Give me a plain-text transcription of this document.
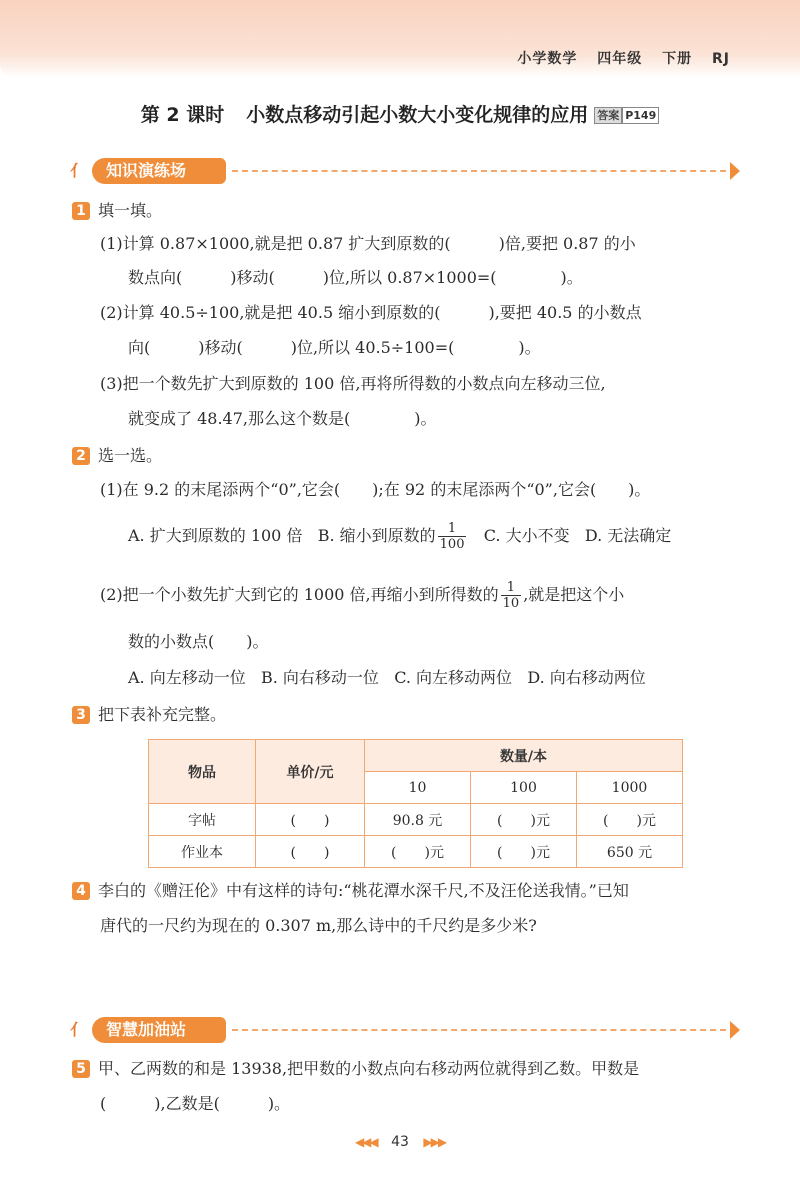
小学数学 四年级 下册 RJ
第 2 课时 小数点移动引起小数大小变化规律的应用 答案 P149
⺅	知识演练场
1 填一填。
(1)计算 0.87×1000,就是把 0.87 扩大到原数的(　　　)倍,要把 0.87 的小
数点向(　　　)移动(　　　)位,所以 0.87×1000=(　　　　)。
(2)计算 40.5÷100,就是把 40.5 缩小到原数的(　　　),要把 40.5 的小数点
向(　　　)移动(　　　)位,所以 40.5÷100=(　　　　)。
(3)把一个数先扩大到原数的 100 倍,再将所得数的小数点向左移动三位,
就变成了 48.47,那么这个数是(　　　　)。
2 选一选。
(1)在 9.2 的末尾添两个“0”,它会(　　);在 92 的末尾添两个“0”,它会(　　)。
A. 扩大到原数的 100 倍 B. 缩小到原数的 $\frac{1}{100} C$. 大小不变 D. 无法确定
(2)把一个小数先扩大到它的 1000 倍,再缩小到所得数的 $\frac{1}{10}$ ,就是把这个小
数的小数点(　　)。
A. 向左移动一位 B. 向右移动一位 C. 向左移动两位 D. 向右移动两位
3 把下表补充完整。
物品	单价/元	数量/本		
		10	100	1000
字帖	(　　)	90.8 元	(　　)元	(　　)元
作业本	(　　)	(　　)元	(　　)元	650 元
4 李白的《赠汪伦》中有这样的诗句:“桃花潭水深千尺,不及汪伦送我情。”已知
唐代的一尺约为现在的 0.307 m,那么诗中的千尺约是多少米?
⺅	智慧加油站
5 甲、乙两数的和是 13938,把甲数的小数点向右移动两位就得到乙数。甲数是
(　　　),乙数是(　　　)。
◀◀◀ 43 ▶▶▶
